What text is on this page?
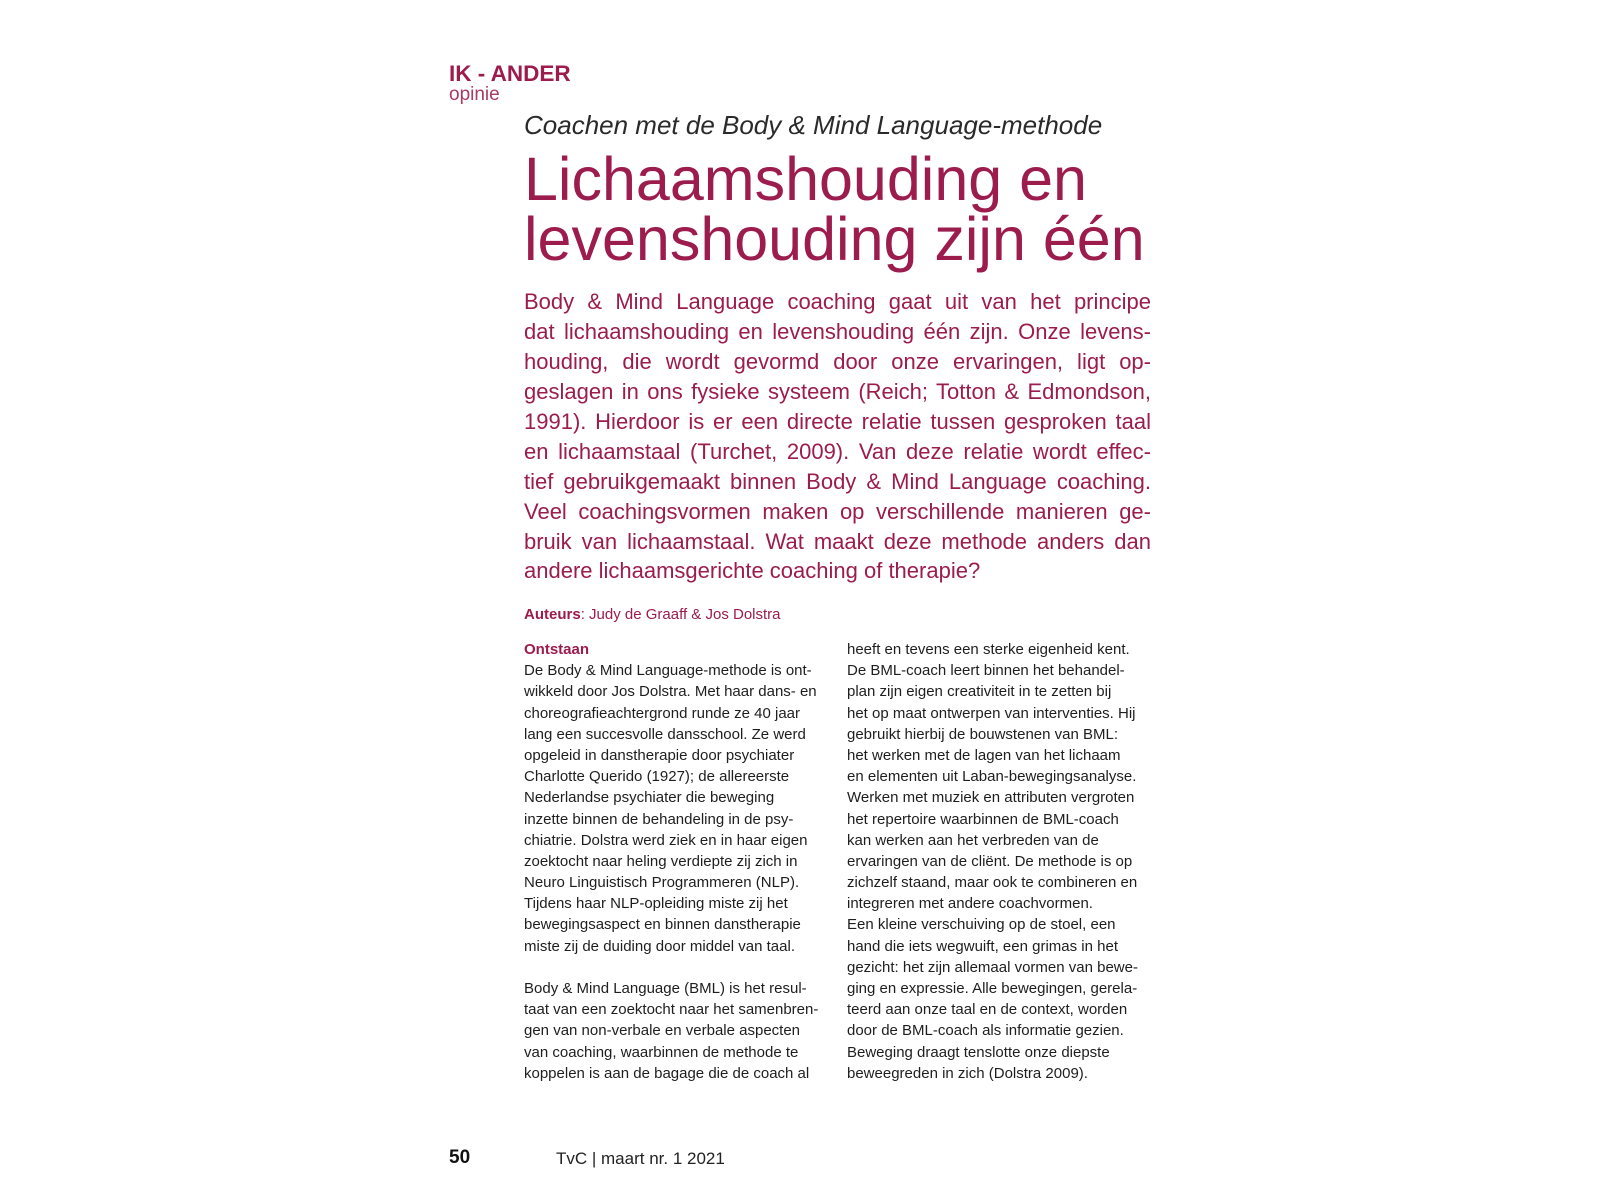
IK - ANDER
opinie
Coachen met de Body & Mind Language-methode
Lichaamshouding en
levenshouding zijn één
Body & Mind Language coaching gaat uit van het principe
dat lichaamshouding en levenshouding één zijn. Onze levens-
houding, die wordt gevormd door onze ervaringen, ligt op-
geslagen in ons fysieke systeem (Reich; Totton & Edmondson,
1991). Hierdoor is er een directe relatie tussen gesproken taal
en lichaamstaal (Turchet, 2009). Van deze relatie wordt effec-
tief gebruikgemaakt binnen Body & Mind Language coaching.
Veel coachingsvormen maken op verschillende manieren ge-
bruik van lichaamstaal. Wat maakt deze methode anders dan
andere lichaamsgerichte coaching of therapie?
Auteurs: Judy de Graaff & Jos Dolstra
Ontstaan
De Body & Mind Language-methode is ont-
wikkeld door Jos Dolstra. Met haar dans- en
choreografieachtergrond runde ze 40 jaar
lang een succesvolle dansschool. Ze werd
opgeleid in danstherapie door psychiater
Charlotte Querido (1927); de allereerste
Nederlandse psychiater die beweging
inzette binnen de behandeling in de psy-
chiatrie. Dolstra werd ziek en in haar eigen
zoektocht naar heling verdiepte zij zich in
Neuro Linguistisch Programmeren (NLP).
Tijdens haar NLP-opleiding miste zij het
bewegingsaspect en binnen danstherapie
miste zij de duiding door middel van taal.
Body & Mind Language (BML) is het resul-
taat van een zoektocht naar het samenbren-
gen van non-verbale en verbale aspecten
van coaching, waarbinnen de methode te
koppelen is aan de bagage die de coach al
heeft en tevens een sterke eigenheid kent.
De BML-coach leert binnen het behandel-
plan zijn eigen creativiteit in te zetten bij
het op maat ontwerpen van interventies. Hij
gebruikt hierbij de bouwstenen van BML:
het werken met de lagen van het lichaam
en elementen uit Laban-bewegingsanalyse.
Werken met muziek en attributen vergroten
het repertoire waarbinnen de BML-coach
kan werken aan het verbreden van de
ervaringen van de cliënt. De methode is op
zichzelf staand, maar ook te combineren en
integreren met andere coachvormen.
Een kleine verschuiving op de stoel, een
hand die iets wegwuift, een grimas in het
gezicht: het zijn allemaal vormen van bewe-
ging en expressie. Alle bewegingen, gerela-
teerd aan onze taal en de context, worden
door de BML-coach als informatie gezien.
Beweging draagt tenslotte onze diepste
beweegreden in zich (Dolstra 2009).
50	TvC | maart nr. 1 2021
